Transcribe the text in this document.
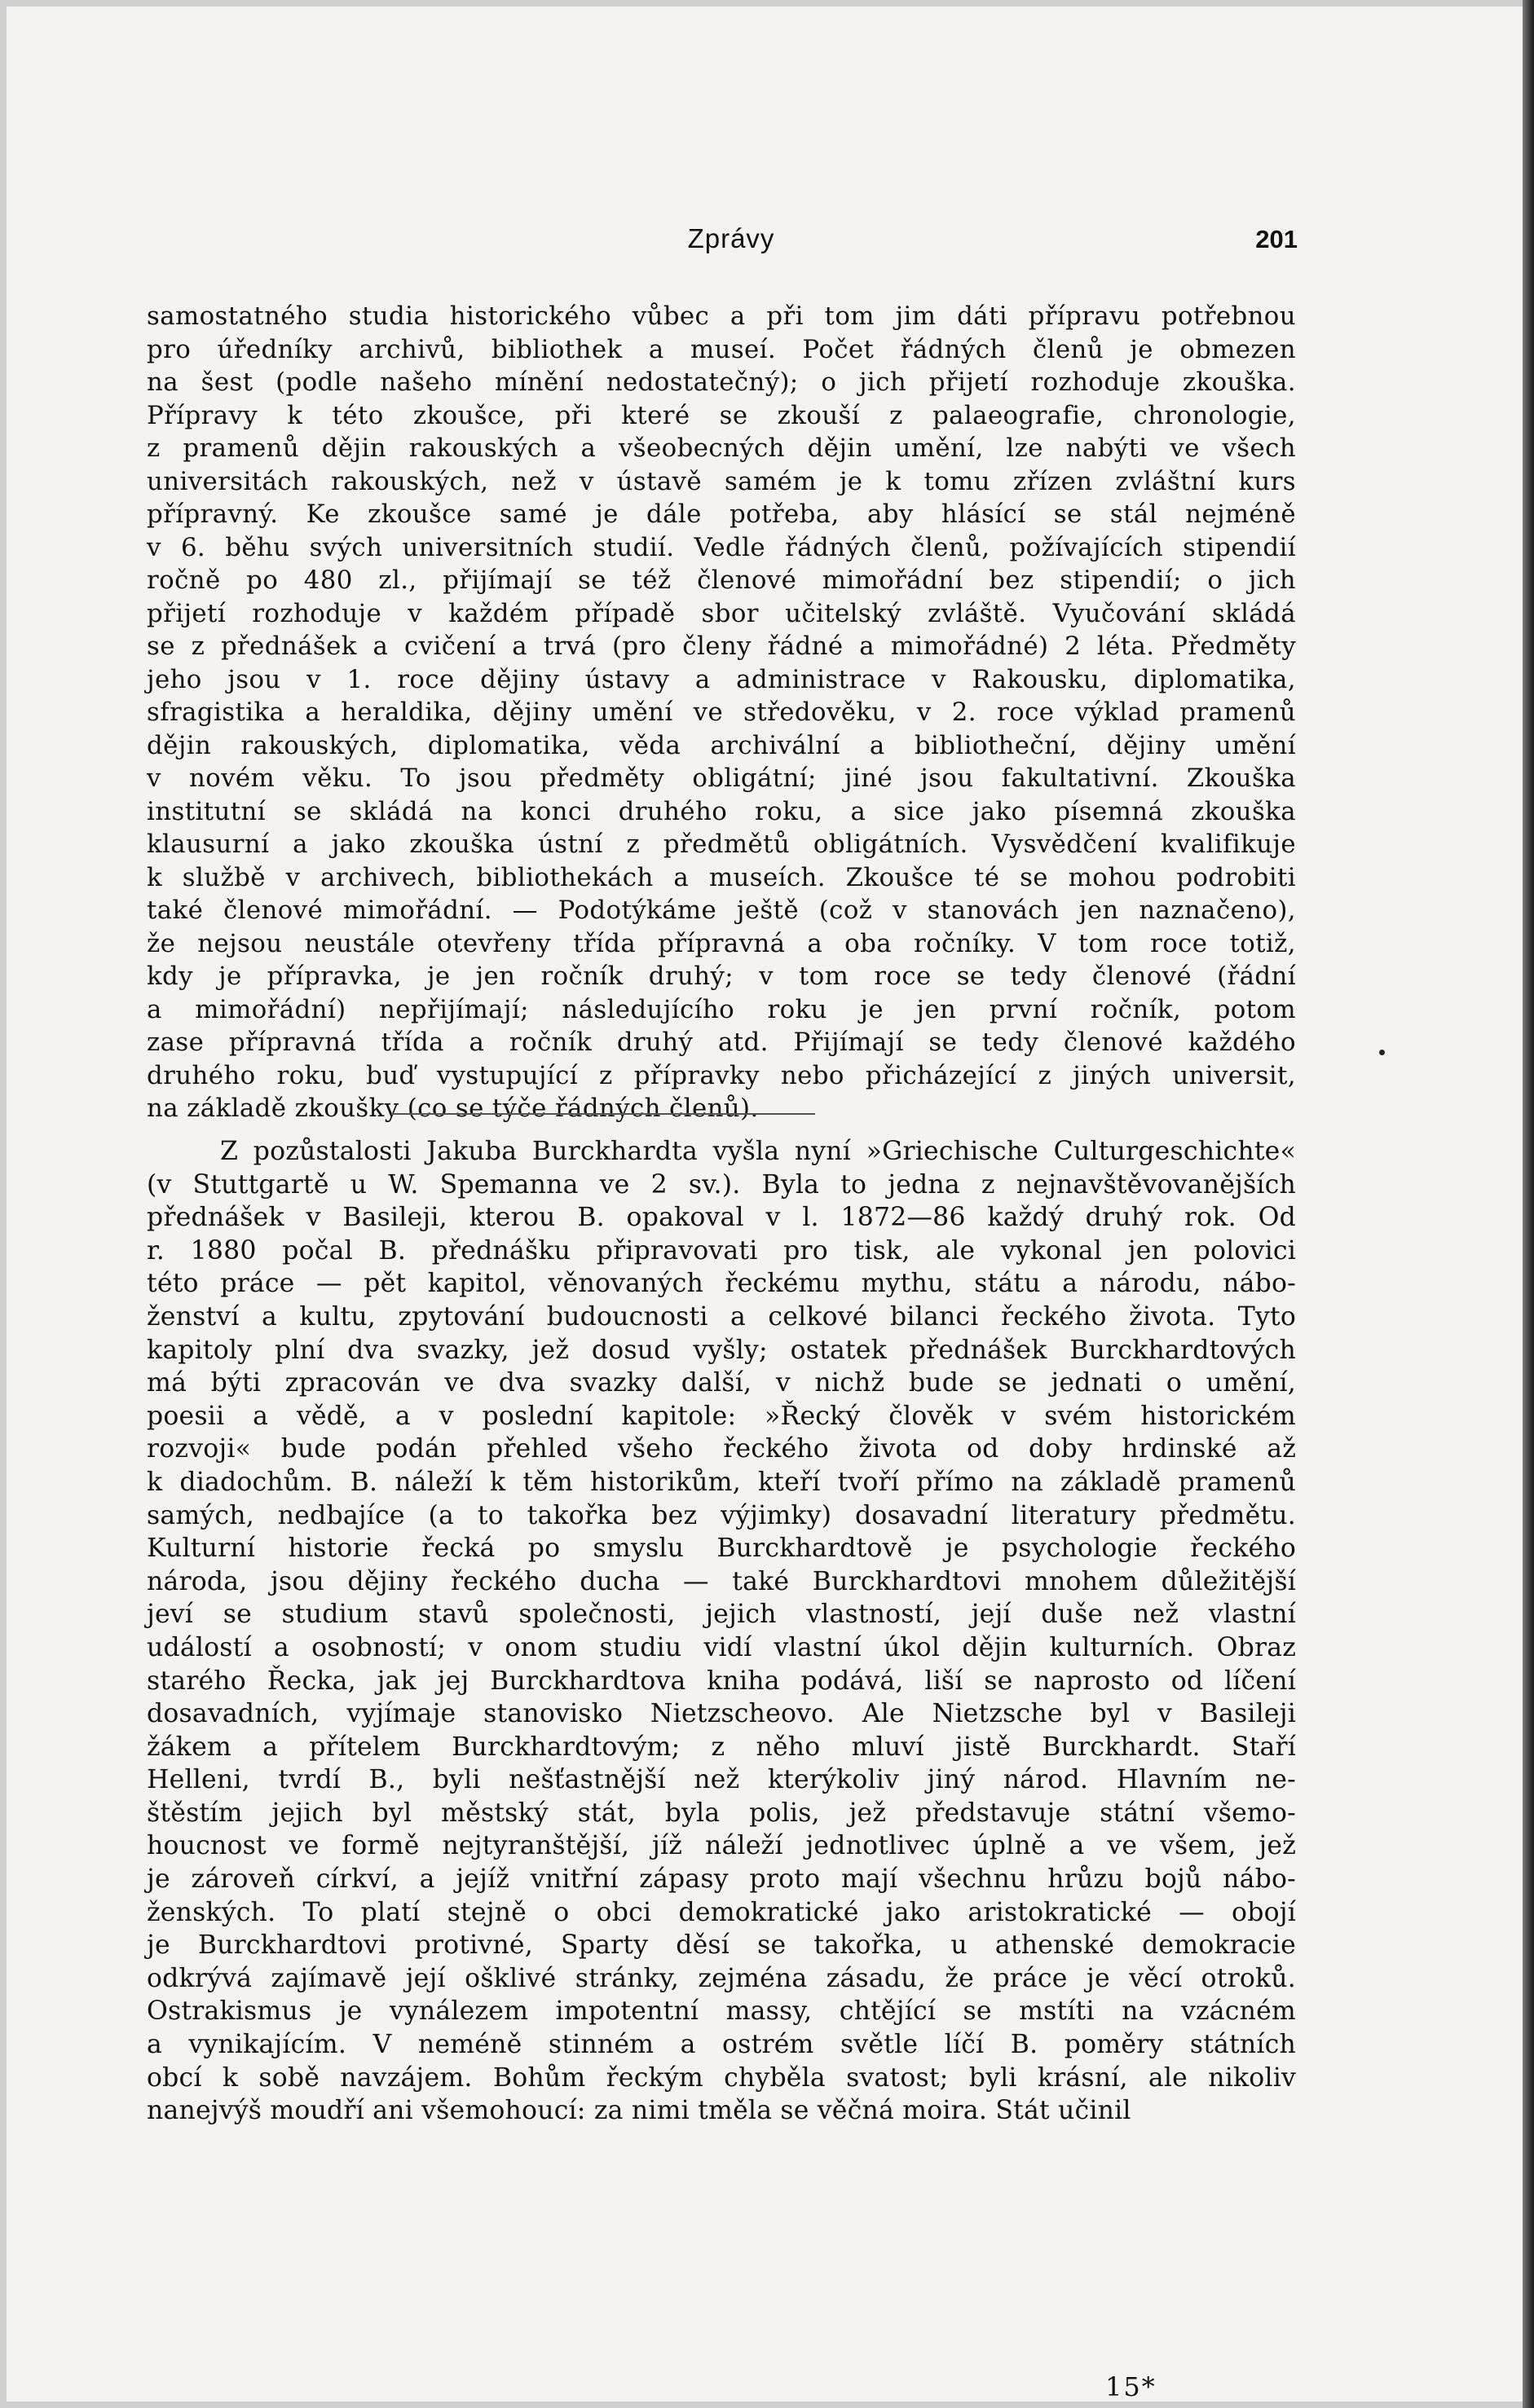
Zprávy	201
samostatného studia historického vůbec a při tom jim dáti přípravu potřebnou
pro úředníky archivů, bibliothek a museí. Počet řádných členů je obmezen
na šest (podle našeho mínění nedostatečný); o jich přijetí rozhoduje zkouška.
Přípravy k této zkoušce, při které se zkouší z palaeografie, chronologie,
z pramenů dějin rakouských a všeobecných dějin umění, lze nabýti ve všech
universitách rakouských, než v ústavě samém je k tomu zřízen zvláštní kurs
přípravný. Ke zkoušce samé je dále potřeba, aby hlásící se stál nejméně
v 6. běhu svých universitních studií. Vedle řádných členů, požívajících stipendií
ročně po 480 zl., přijímají se též členové mimořádní bez stipendií; o jich
přijetí rozhoduje v každém případě sbor učitelský zvláště. Vyučování skládá
se z přednášek a cvičení a trvá (pro členy řádné a mimořádné) 2 léta. Předměty
jeho jsou v 1. roce dějiny ústavy a administrace v Rakousku, diplomatika,
sfragistika a heraldika, dějiny umění ve středověku, v 2. roce výklad pramenů
dějin rakouských, diplomatika, věda archivální a bibliotheční, dějiny umění
v novém věku. To jsou předměty obligátní; jiné jsou fakultativní. Zkouška
institutní se skládá na konci druhého roku, a sice jako písemná zkouška
klausurní a jako zkouška ústní z předmětů obligátních. Vysvědčení kvalifikuje
k službě v archivech, bibliothekách a museích. Zkoušce té se mohou podrobiti
také členové mimořádní. — Podotýkáme ještě (což v stanovách jen naznačeno),
že nejsou neustále otevřeny třída přípravná a oba ročníky. V tom roce totiž,
kdy je přípravka, je jen ročník druhý; v tom roce se tedy členové (řádní
a mimořádní) nepřijímají; následujícího roku je jen první ročník, potom
zase přípravná třída a ročník druhý atd. Přijímají se tedy členové každého
druhého roku, buď vystupující z přípravky nebo přicházející z jiných universit,
na základě zkoušky (co se týče řádných členů).
Z pozůstalosti Jakuba Burckhardta vyšla nyní »Griechische Culturgeschichte«
(v Stuttgartě u W. Spemanna ve 2 sv.). Byla to jedna z nejnavštěvovanějších
přednášek v Basileji, kterou B. opakoval v l. 1872—86 každý druhý rok. Od
r. 1880 počal B. přednášku připravovati pro tisk, ale vykonal jen polovici
této práce — pět kapitol, věnovaných řeckému mythu, státu a národu, nábo-
ženství a kultu, zpytování budoucnosti a celkové bilanci řeckého života. Tyto
kapitoly plní dva svazky, jež dosud vyšly; ostatek přednášek Burckhardtových
má býti zpracován ve dva svazky další, v nichž bude se jednati o umění,
poesii a vědě, a v poslední kapitole: »Řecký člověk v svém historickém
rozvoji« bude podán přehled všeho řeckého života od doby hrdinské až
k diadochům. B. náleží k těm historikům, kteří tvoří přímo na základě pramenů
samých, nedbajíce (a to takořka bez výjimky) dosavadní literatury předmětu.
Kulturní historie řecká po smyslu Burckhardtově je psychologie řeckého
národa, jsou dějiny řeckého ducha — také Burckhardtovi mnohem důležitější
jeví se studium stavů společnosti, jejich vlastností, její duše než vlastní
událostí a osobností; v onom studiu vidí vlastní úkol dějin kulturních. Obraz
starého Řecka, jak jej Burckhardtova kniha podává, liší se naprosto od líčení
dosavadních, vyjímaje stanovisko Nietzscheovo. Ale Nietzsche byl v Basileji
žákem a přítelem Burckhardtovým; z něho mluví jistě Burckhardt. Staří
Helleni, tvrdí B., byli nešťastnější než kterýkoliv jiný národ. Hlavním ne-
štěstím jejich byl městský stát, byla polis, jež představuje státní všemo-
houcnost ve formě nejtyranštější, jíž náleží jednotlivec úplně a ve všem, jež
je zároveň církví, a jejíž vnitřní zápasy proto mají všechnu hrůzu bojů nábo-
ženských. To platí stejně o obci demokratické jako aristokratické — obojí
je Burckhardtovi protivné, Sparty děsí se takořka, u athenské demokracie
odkrývá zajímavě její ošklivé stránky, zejména zásadu, že práce je věcí otroků.
Ostrakismus je vynálezem impotentní massy, chtějící se mstíti na vzácném
a vynikajícím. V neméně stinném a ostrém světle líčí B. poměry státních
obcí k sobě navzájem. Bohům řeckým chyběla svatost; byli krásní, ale nikoliv
nanejvýš moudří ani všemohoucí: za nimi tměla se věčná moira. Stát učinil
15*
